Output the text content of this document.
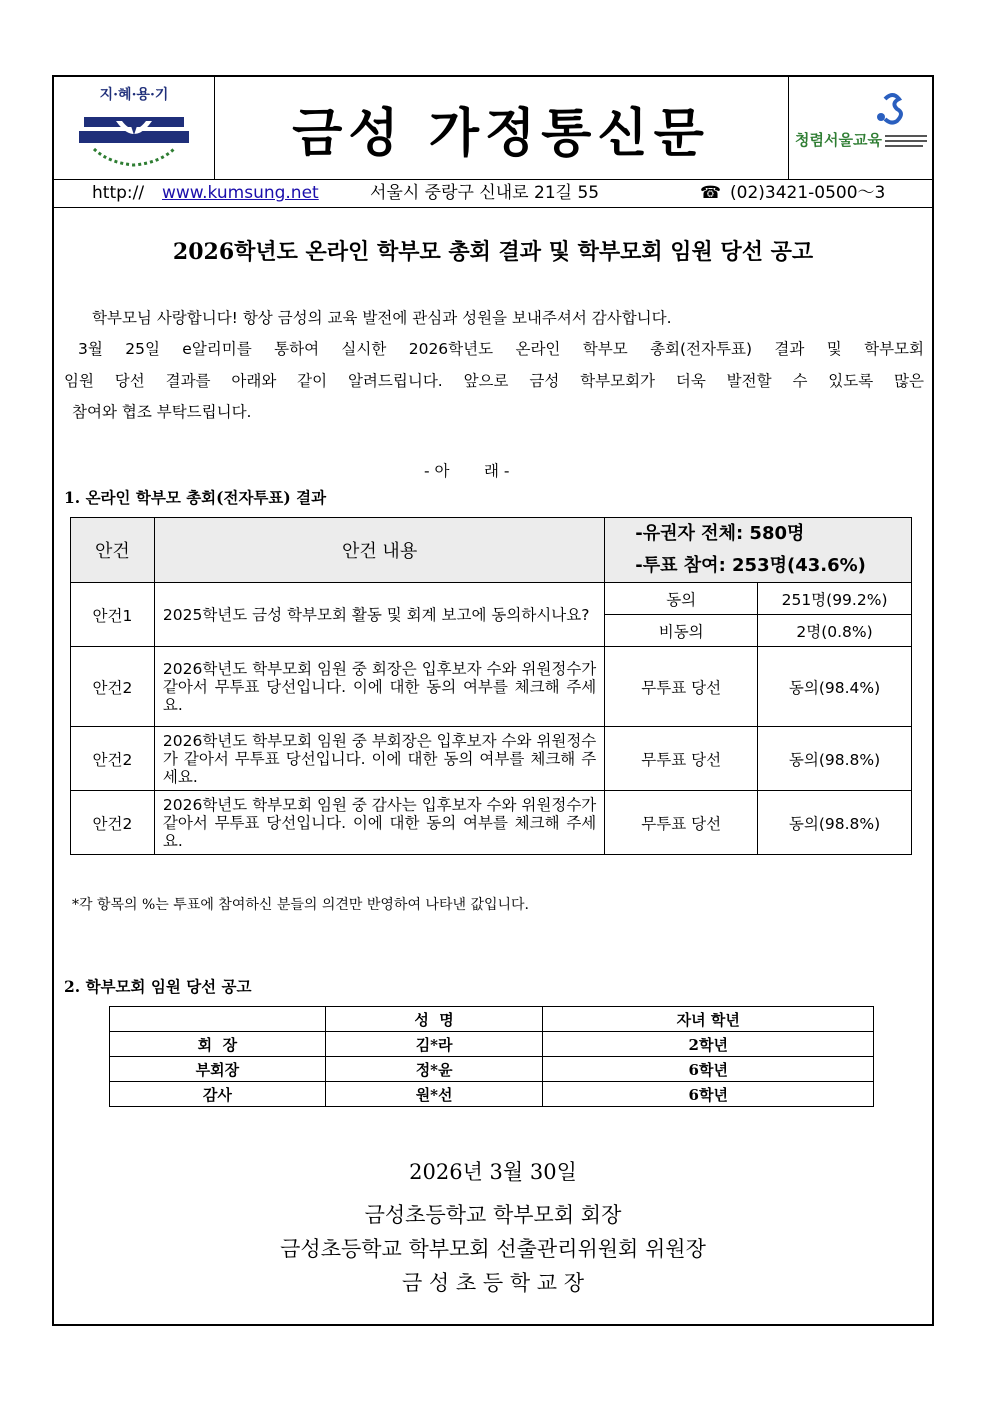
지·혜·용·기
금성 가정통신문	청렴서울교육
http:// www.kumsung.net	서울시 중랑구 신내로 21길 55	☎ (02)3421-0500～3
2026학년도 온라인 학부모 총회 결과 및 학부모회 임원 당선 공고
학부모님 사랑합니다! 항상 금성의 교육 발전에 관심과 성원을 보내주셔서 감사합니다.
3월 25일 e알리미를 통하여 실시한 2026학년도 온라인 학부모 총회(전자투표) 결과 및 학부모회
임원 당선 결과를 아래와 같이 알려드립니다. 앞으로 금성 학부모회가 더욱 발전할 수 있도록 많은
참여와 협조 부탁드립니다.
- 아       래 -
1. 온라인 학부모 총회(전자투표) 결과
안건	안건 내용	-유권자 전체: 580명
-투표 참여: 253명(43.6%)	

안건1	2025학년도 금성 학부모회 활동 및 회계 보고에 동의하시나요?	동의	251명(99.2%)
		비동의	2명(0.8%)
안건2	2026학년도 학부모회 임원 중 회장은 입후보자 수와 위원정수가 같아서 무투표 당선입니다. 이에 대한 동의 여부를 체크해 주세요.	무투표 당선	동의(98.4%)
안건2	2026학년도 학부모회 임원 중 부회장은 입후보자 수와 위원정수가 같아서 무투표 당선입니다. 이에 대한 동의 여부를 체크해 주세요.	무투표 당선	동의(98.8%)
안건2	2026학년도 학부모회 임원 중 감사는 입후보자 수와 위원정수가 같아서 무투표 당선입니다. 이에 대한 동의 여부를 체크해 주세요.	무투표 당선	동의(98.8%)
*각 항목의 %는 투표에 참여하신 분들의 의견만 반영하여 나타낸 값입니다.
2. 학부모회 임원 당선 공고
	성  명	자녀 학년
회  장	김*라	2학년
부회장	정*윤	6학년
감사	원*선	6학년
2026년 3월 30일
금성초등학교 학부모회 회장
금성초등학교 학부모회 선출관리위원회 위원장
금 성 초 등 학 교 장
